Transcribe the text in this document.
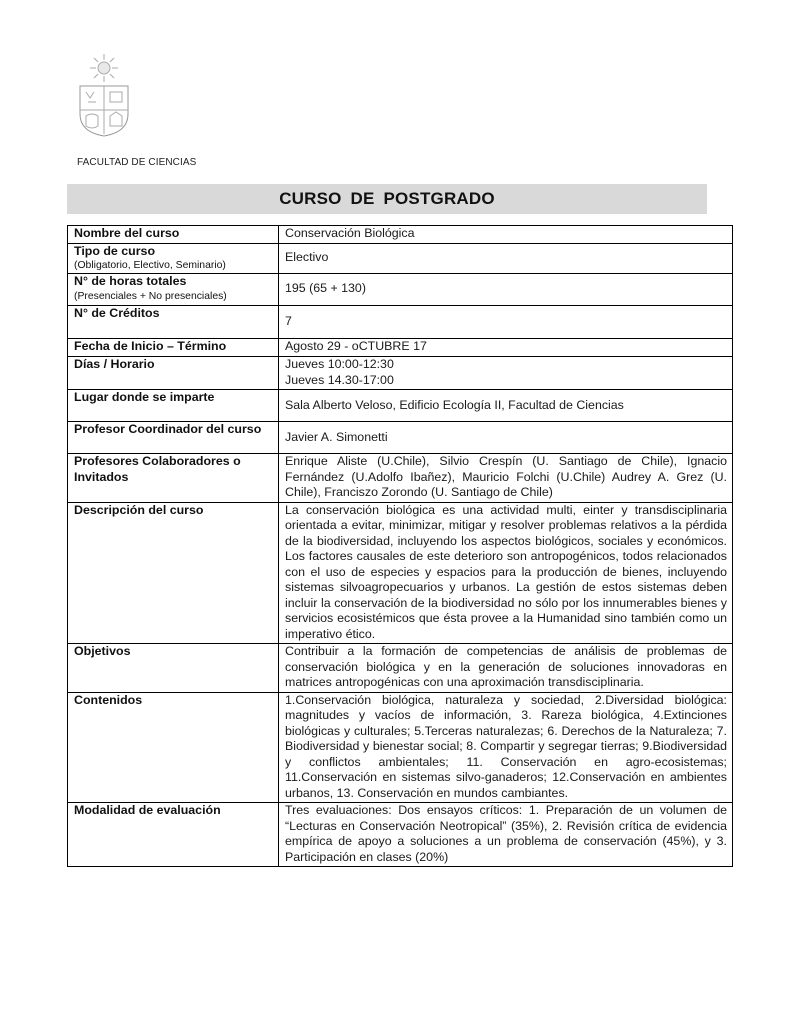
FACULTAD DE CIENCIAS
CURSO DE POSTGRADO
Nombre del curso	Conservación Biológica
Tipo de curso
(Obligatorio, Electivo, Seminario)	Electivo
N° de horas totales
(Presenciales + No presenciales)	195 (65 + 130)
N° de Créditos	7
Fecha de Inicio – Término	Agosto 29 - oCTUBRE 17
Días / Horario	Jueves 10:00-12:30
Jueves 14.30-17:00

Lugar donde se imparte	Sala Alberto Veloso, Edificio Ecología II, Facultad de Ciencias
Profesor Coordinador del curso	Javier A. Simonetti
Profesores Colaboradores o Invitados	Enrique Aliste (U.Chile), Silvio Crespín (U. Santiago de Chile), Ignacio Fernández (U.Adolfo Ibañez), Mauricio Folchi (U.Chile) Audrey A. Grez (U. Chile), Franciszo Zorondo (U. Santiago de Chile)
Descripción del curso	La conservación biológica es una actividad multi, einter y transdisciplinaria orientada a evitar, minimizar, mitigar y resolver problemas relativos a la pérdida de la biodiversidad, incluyendo los aspectos biológicos, sociales y económicos. Los factores causales de este deterioro son antropogénicos, todos relacionados con el uso de especies y espacios para la producción de bienes, incluyendo sistemas silvoagropecuarios y urbanos. La gestión de estos sistemas deben incluir la conservación de la biodiversidad no sólo por los innumerables bienes y servicios ecosistémicos que ésta provee a la Humanidad sino también como un imperativo ético.
Objetivos	Contribuir a la formación de competencias de análisis de problemas de conservación biológica y en la generación de soluciones innovadoras en matrices antropogénicas con una aproximación transdisciplinaria.
Contenidos	1.Conservación biológica, naturaleza y sociedad, 2.Diversidad biológica: magnitudes y vacíos de información, 3. Rareza biológica, 4.Extinciones biológicas y culturales; 5.Terceras naturalezas; 6. Derechos de la Naturaleza; 7. Biodiversidad y bienestar social; 8. Compartir y segregar tierras; 9.Biodiversidad y conflictos ambientales; 11. Conservación en agro-ecosistemas; 11.Conservación en sistemas silvo-ganaderos; 12.Conservación en ambientes urbanos, 13. Conservación en mundos cambiantes.
Modalidad de evaluación	Tres evaluaciones: Dos ensayos críticos: 1. Preparación de un volumen de “Lecturas en Conservación Neotropical” (35%), 2. Revisión crítica de evidencia empírica de apoyo a soluciones a un problema de conservación (45%), y 3. Participación en clases (20%)
